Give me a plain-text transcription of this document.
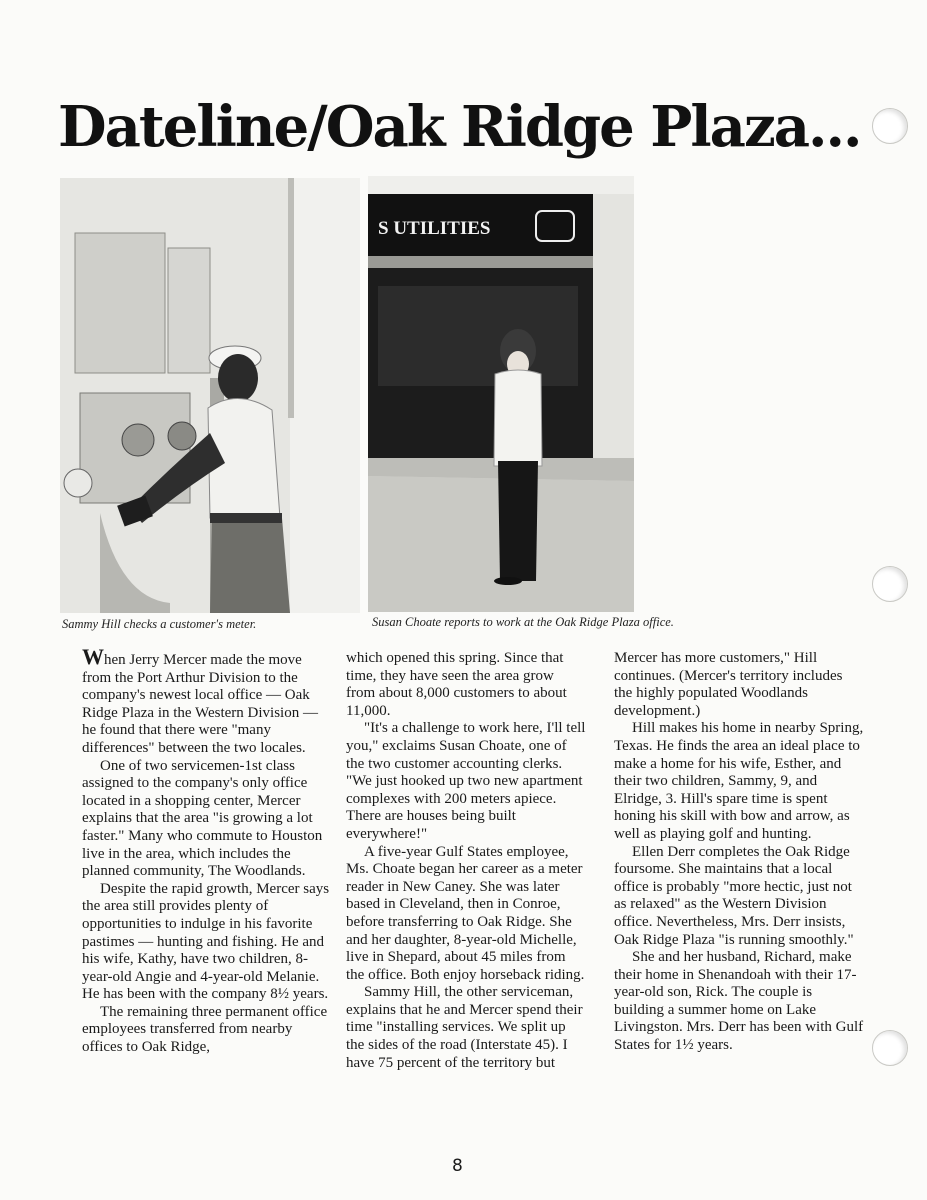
Dateline/Oak Ridge Plaza...
S UTILITIES
Sammy Hill checks a customer's meter.	Susan Choate reports to work at the Oak Ridge Plaza office.

When Jerry Mercer made the move from the Port Arthur Division to the company's newest local office — Oak Ridge Plaza in the Western Division — he found that there were "many differences" between the two locales.

One of two servicemen-1st class assigned to the company's only office located in a shopping center, Mercer explains that the area "is growing a lot faster." Many who commute to Houston live in the area, which includes the planned community, The Woodlands.

Despite the rapid growth, Mercer says the area still provides plenty of opportunities to indulge in his favorite pastimes — hunting and fishing. He and his wife, Kathy, have two children, 8-year-old Angie and 4-year-old Melanie. He has been with the company 8½ years.

The remaining three permanent office employees transferred from nearby offices to Oak Ridge,

which opened this spring. Since that time, they have seen the area grow from about 8,000 customers to about 11,000.

"It's a challenge to work here, I'll tell you," exclaims Susan Choate, one of the two customer accounting clerks. "We just hooked up two new apartment complexes with 200 meters apiece. There are houses being built everywhere!"

A five-year Gulf States employee, Ms. Choate began her career as a meter reader in New Caney. She was later based in Cleveland, then in Conroe, before transferring to Oak Ridge. She and her daughter, 8-year-old Michelle, live in Shepard, about 45 miles from the office. Both enjoy horseback riding.

Sammy Hill, the other serviceman, explains that he and Mercer spend their time "installing services. We split up the sides of the road (Interstate 45). I have 75 percent of the territory but

Mercer has more customers," Hill continues. (Mercer's territory includes the highly populated Woodlands development.)

Hill makes his home in nearby Spring, Texas. He finds the area an ideal place to make a home for his wife, Esther, and their two children, Sammy, 9, and Elridge, 3. Hill's spare time is spent honing his skill with bow and arrow, as well as playing golf and hunting.

Ellen Derr completes the Oak Ridge foursome. She maintains that a local office is probably "more hectic, just not as relaxed" as the Western Division office. Nevertheless, Mrs. Derr insists, Oak Ridge Plaza "is running smoothly."

She and her husband, Richard, make their home in Shenandoah with their 17-year-old son, Rick. The couple is building a summer home on Lake Livingston. Mrs. Derr has been with Gulf States for 1½ years.

8
